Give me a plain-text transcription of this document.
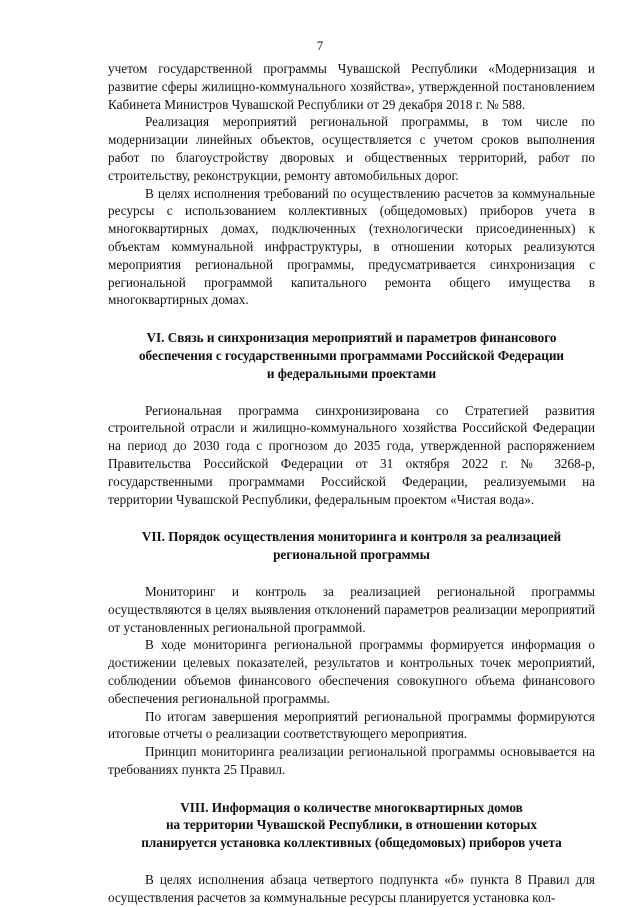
7

учетом государственной программы Чувашской Республики «Модернизация и развитие сферы жилищно-коммунального хозяйства», утвержденной постановлением Кабинета Министров Чувашской Республики от 29 декабря 2018 г. № 588.

Реализация мероприятий региональной программы, в том числе по модернизации линейных объектов, осуществляется с учетом сроков выполнения работ по благоустройству дворовых и общественных территорий, работ по строительству, реконструкции, ремонту автомобильных дорог.

В целях исполнения требований по осуществлению расчетов за коммунальные ресурсы с использованием коллективных (общедомовых) приборов учета в многоквартирных домах, подключенных (технологически присоединенных) к объектам коммунальной инфраструктуры, в отношении которых реализуются мероприятия региональной программы, предусматривается синхронизация с региональной программой капитального ремонта общего имущества в многоквартирных домах.

VI. Связь и синхронизация мероприятий и параметров финансового
обеспечения с государственными программами Российской Федерации
и федеральными проектами

Региональная программа синхронизирована со Стратегией развития строительной отрасли и жилищно-коммунального хозяйства Российской Федерации на период до 2030 года с прогнозом до 2035 года, утвержденной распоряжением Правительства Российской Федерации от 31 октября 2022 г. № 3268-р, государственными программами Российской Федерации, реализуемыми на территории Чувашской Республики, федеральным проектом «Чистая вода».

VII. Порядок осуществления мониторинга и контроля за реализацией
региональной программы

Мониторинг и контроль за реализацией региональной программы осуществляются в целях выявления отклонений параметров реализации мероприятий от установленных региональной программой.

В ходе мониторинга региональной программы формируется информация о достижении целевых показателей, результатов и контрольных точек мероприятий, соблюдении объемов финансового обеспечения совокупного объема финансового обеспечения региональной программы.

По итогам завершения мероприятий региональной программы формируются итоговые отчеты о реализации соответствующего мероприятия.

Принцип мониторинга реализации региональной программы основывается на требованиях пункта 25 Правил.

VIII. Информация о количестве многоквартирных домов
на территории Чувашской Республики, в отношении которых
планируется установка коллективных (общедомовых) приборов учета

В целях исполнения абзаца четвертого подпункта «б» пункта 8 Правил для осуществления расчетов за коммунальные ресурсы планируется установка кол-
